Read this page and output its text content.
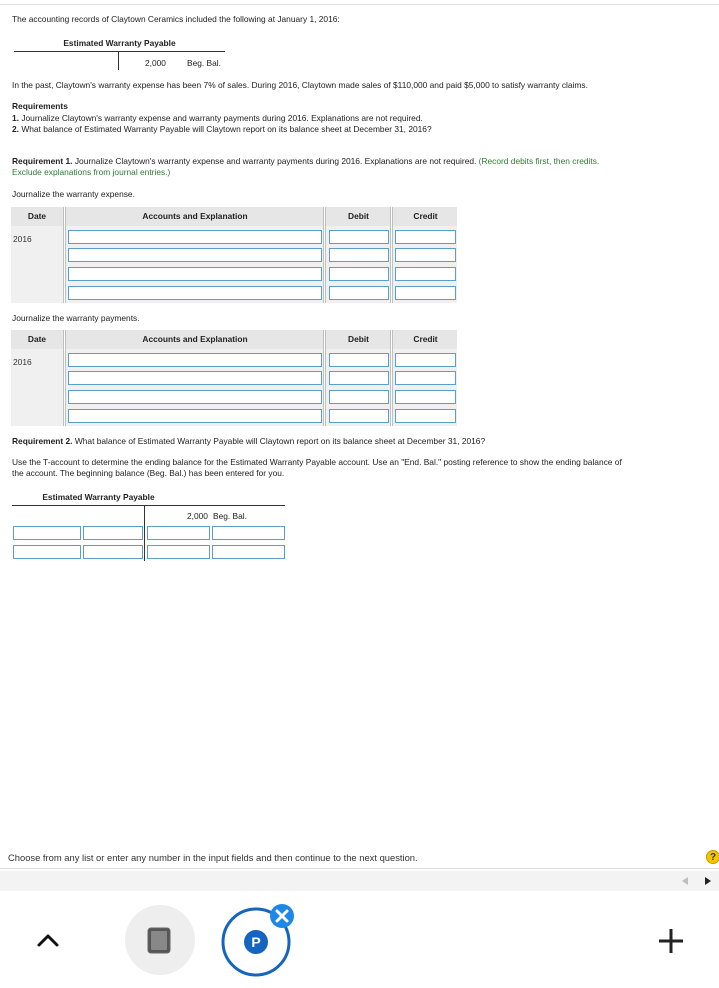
The accounting records of Claytown Ceramics included the following at January 1, 2016:
Estimated Warranty Payable
2,000	Beg. Bal.
In the past, Claytown's warranty expense has been 7% of sales. During 2016, Claytown made sales of $110,000 and paid $5,000 to satisfy warranty claims.
Requirements
1. Journalize Claytown's warranty expense and warranty payments during 2016. Explanations are not required.
2. What balance of Estimated Warranty Payable will Claytown report on its balance sheet at December 31, 2016?
Requirement 1. Journalize Claytown's warranty expense and warranty payments during 2016. Explanations are not required. (Record debits first, then credits.
Exclude explanations from journal entries.)
Journalize the warranty expense.
Date	Accounts and Explanation	Debit	Credit
2016
Journalize the warranty payments.
Date	Accounts and Explanation	Debit	Credit
2016
Requirement 2. What balance of Estimated Warranty Payable will Claytown report on its balance sheet at December 31, 2016?
Use the T-account to determine the ending balance for the Estimated Warranty Payable account. Use an "End. Bal." posting reference to show the ending balance of
the account. The beginning balance (Beg. Bal.) has been entered for you.
Estimated Warranty Payable
2,000 Beg. Bal.
Choose from any list or enter any number in the input fields and then continue to the next question.	?
P
